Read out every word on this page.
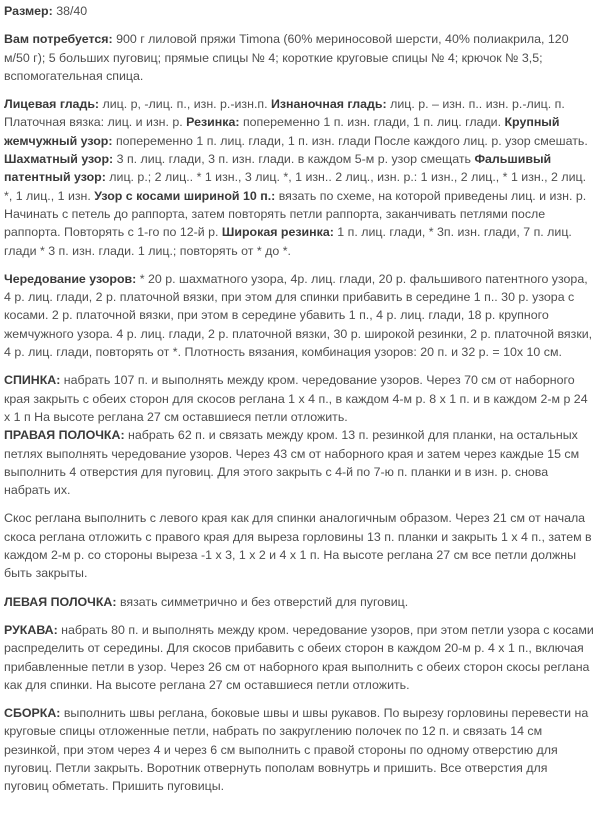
Размер: 38/40

Вам потребуется: 900 г лиловой пряжи Timona (60% мериносовой шерсти, 40% полиакрила, 120 м/50 г); 5 больших пуговиц; прямые спицы № 4; короткие круговые спицы № 4; крючок № 3,5; вспомогательная спица.

Лицевая гладь: лиц. р, -лиц. п., изн. р.-изн.п. Изнаночная гладь: лиц. р. – изн. п.. изн. р.-лиц. п. Платочная вязка: лиц. и изн. р. Резинка: попеременно 1 п. изн. глади, 1 п. лиц. глади. Крупный жемчужный узор: попеременно 1 п. лиц. глади, 1 п. изн. глади После каждого лиц. р. узор смешать. Шахматный узор: 3 п. лиц. глади, 3 п. изн. глади. в каждом 5-м р. узор смещать Фальшивый патентный узор: лиц. р.; 2 лиц.. * 1 изн., 3 лиц. *, 1 изн.. 2 лиц., изн. р.: 1 изн., 2 лиц., * 1 изн., 2 лиц. *, 1 лиц., 1 изн. Узор с косами шириной 10 п.: вязать по схеме, на которой приведены лиц. и изн. р. Начинать с петель до раппорта, затем повторять петли раппорта, заканчивать петлями после раппорта. Повторять с 1-го по 12-й р. Широкая резинка: 1 п. лиц. глади, * 3п. изн. глади, 7 п. лиц. глади * 3 п. изн. глади. 1 лиц.; повторять от * до *.

Чередование узоров: * 20 р. шахматного узора, 4р. лиц. глади, 20 р. фальшивого патентного узора, 4 р. лиц. глади, 2 р. платочной вязки, при этом для спинки прибавить в середине 1 п.. 30 р. узора с косами. 2 р. платочной вязки, при этом в середине убавить 1 п., 4 р. лиц. глади, 18 р. крупного жемчужного узора. 4 р. лиц. глади, 2 р. платочной вязки, 30 р. широкой резинки, 2 р. платочной вязки, 4 р. лиц. глади, повторять от *. Плотность вязания, комбинация узоров: 20 п. и 32 р. = 10х 10 см.

СПИНКА: набрать 107 п. и выполнять между кром. чередование узоров. Через 70 см от наборного края закрыть с обеих сторон для скосов реглана 1 х 4 п., в каждом 4-м р. 8 х 1 п. и в каждом 2-м р 24 х 1 п На высоте реглана 27 см оставшиеся петли отложить.

ПРАВАЯ ПОЛОЧКА: набрать 62 п. и связать между кром. 13 п. резинкой для планки, на остальных петлях выполнять чередование узоров. Через 43 см от наборного края и затем через каждые 15 см выполнить 4 отверстия для пуговиц. Для этого закрыть с 4-й по 7-ю п. планки и в изн. р. снова набрать их.

Скос реглана выполнить с левого края как для спинки аналогичным образом. Через 21 см от начала скоса реглана отложить с правого края для выреза горловины 13 п. планки и закрыть 1 х 4 п., затем в каждом 2-м р. со стороны выреза -1 х 3, 1 х 2 и 4 х 1 п. На высоте реглана 27 см все петли должны быть закрыты.

ЛЕВАЯ ПОЛОЧКА: вязать симметрично и без отверстий для пуговиц.

РУКАВА: набрать 80 п. и выполнять между кром. чередование узоров, при этом петли узора с косами распределить от середины. Для скосов прибавить с обеих сторон в каждом 20-м р. 4 х 1 п., включая прибавленные петли в узор. Через 26 см от наборного края выполнить с обеих сторон скосы реглана как для спинки. На высоте реглана 27 см оставшиеся петли отложить.

СБОРКА: выполнить швы реглана, боковые швы и швы рукавов. По вырезу горловины перевести на круговые спицы отложенные петли, набрать по закруглению полочек по 12 п. и связать 14 см резинкой, при этом через 4 и через 6 см выполнить с правой стороны по одному отверстию для пуговиц. Петли закрыть. Воротник отвернуть пополам вовнутрь и пришить. Все отверстия для пуговиц обметать. Пришить пуговицы.
